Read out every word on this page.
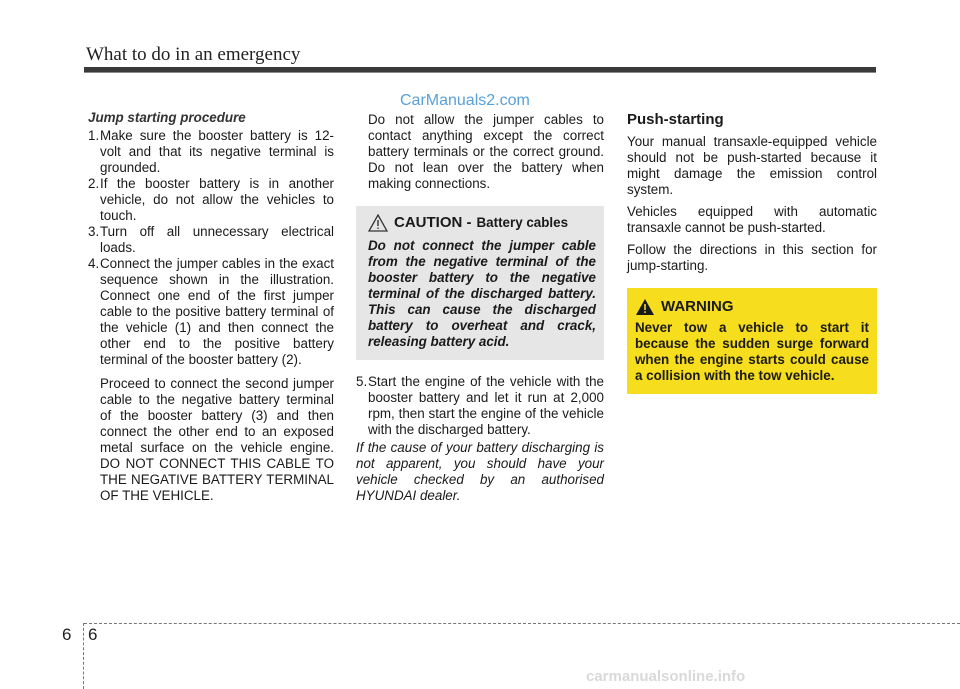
What to do in an emergency
CarManuals2.com
Jump starting procedure
1. Make sure the booster battery is 12-volt and that its negative terminal is grounded.
2. If the booster battery is in another vehicle, do not allow the vehicles to touch.
3. Turn off all unnecessary electrical loads.
4. Connect the jumper cables in the exact sequence shown in the illustration. Connect one end of the first jumper cable to the positive battery terminal of the vehicle (1) and then connect the other end to the positive battery terminal of the booster battery (2).
Proceed to connect the second jumper cable to the negative battery terminal of the booster battery (3) and then connect the other end to an exposed metal surface on the vehicle engine. DO NOT CONNECT THIS CABLE TO THE NEGATIVE BATTERY TERMINAL OF THE VEHICLE.
Do not allow the jumper cables to contact anything except the correct battery terminals or the correct ground. Do not lean over the battery when making connections.
CAUTION - Battery cables
Do not connect the jumper cable from the negative terminal of the booster battery to the negative terminal of the discharged battery. This can cause the discharged battery to overheat and crack, releasing battery acid.
5. Start the engine of the vehicle with the booster battery and let it run at 2,000 rpm, then start the engine of the vehicle with the discharged battery.
If the cause of your battery discharging is not apparent, you should have your vehicle checked by an authorised HYUNDAI dealer.
Push-starting

Your manual transaxle-equipped vehicle should not be push-started because it might damage the emission control system.

Vehicles equipped with automatic transaxle cannot be push-started.

Follow the directions in this section for jump-starting.

WARNING
Never tow a vehicle to start it because the sudden surge forward when the engine starts could cause a collision with the tow vehicle.
6 6
carmanualsonline.info
